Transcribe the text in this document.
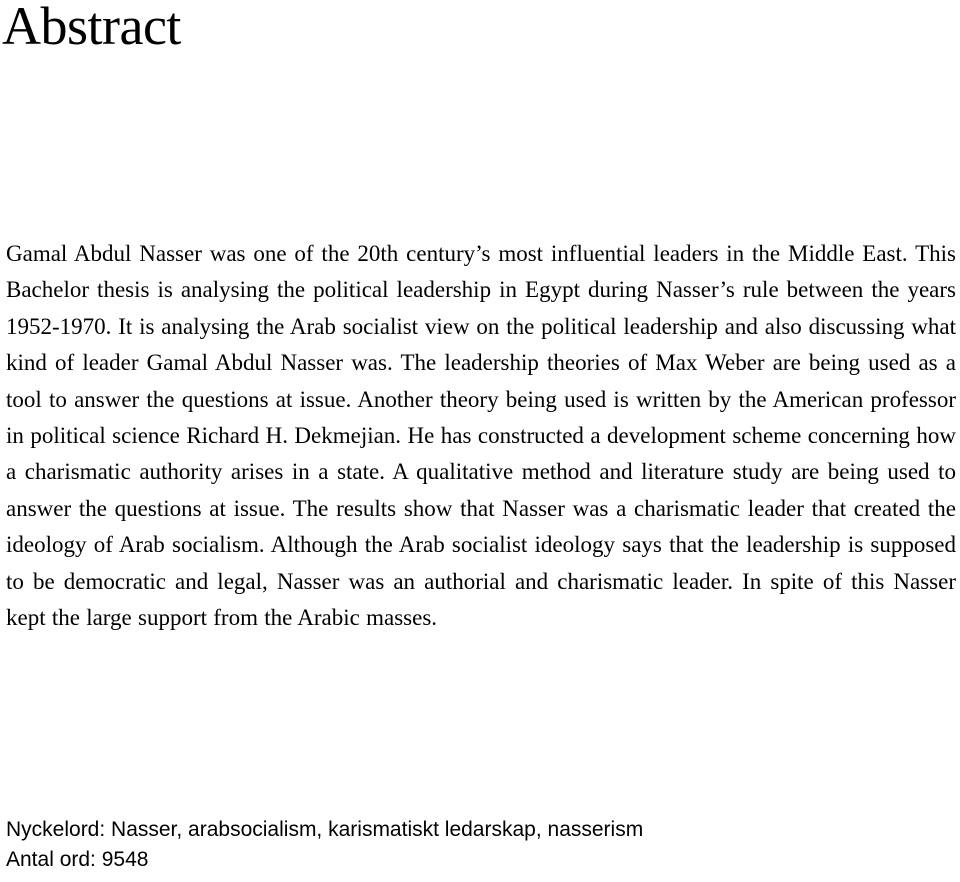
Abstract

Gamal Abdul Nasser was one of the 20th century’s most influential leaders in the Middle East. This Bachelor thesis is analysing the political leadership in Egypt during Nasser’s rule between the years 1952-1970. It is analysing the Arab socialist view on the political leadership and also discussing what kind of leader Gamal Abdul Nasser was. The leadership theories of Max Weber are being used as a tool to answer the questions at issue. Another theory being used is written by the American professor in political science Richard H. Dekmejian. He has constructed a development scheme concerning how a charismatic authority arises in a state. A qualitative method and literature study are being used to answer the questions at issue. The results show that Nasser was a charismatic leader that created the ideology of Arab socialism. Although the Arab socialist ideology says that the leadership is supposed to be democratic and legal, Nasser was an authorial and charismatic leader. In spite of this Nasser kept the large support from the Arabic masses.

Nyckelord: Nasser, arabsocialism, karismatiskt ledarskap, nasserism
Antal ord: 9548
